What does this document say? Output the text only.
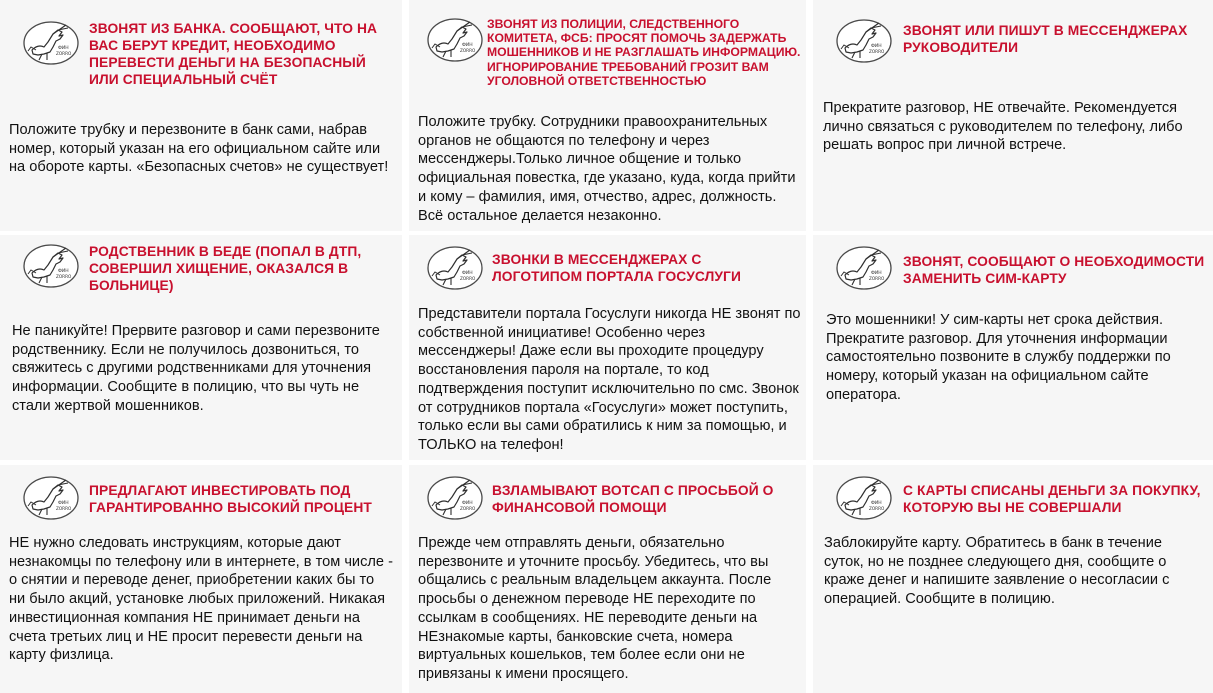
ФИН
ZORRO

ЗВОНЯТ ИЗ БАНКА. СООБЩАЮТ, ЧТО НА ВАС БЕРУТ КРЕДИТ, НЕОБХОДИМО ПЕРЕВЕСТИ ДЕНЬГИ НА БЕЗОПАСНЫЙ ИЛИ СПЕЦИАЛЬНЫЙ СЧЁТ

Положите трубку и перезвоните в банк сами, набрав номер, который указан на его официальном сайте или на обороте карты. «Безопасных счетов» не существует!

ФИН
ZORRO

ЗВОНЯТ ИЗ ПОЛИЦИИ, СЛЕДСТВЕННОГО КОМИТЕТА, ФСБ: ПРОСЯТ ПОМОЧЬ ЗАДЕРЖАТЬ МОШЕННИКОВ И НЕ РАЗГЛАШАТЬ ИНФОРМАЦИЮ. ИГНОРИРОВАНИЕ ТРЕБОВАНИЙ ГРОЗИТ ВАМ УГОЛОВНОЙ ОТВЕТСТВЕННОСТЬЮ

Положите трубку. Сотрудники правоохранительных органов не общаются по телефону и через мессенджеры.Только личное общение и только официальная повестка, где указано, куда, когда прийти и кому – фамилия, имя, отчество, адрес, должность. Всё остальное делается незаконно.

ФИН
ZORRO

ЗВОНЯТ ИЛИ ПИШУТ В МЕССЕНДЖЕРАХ РУКОВОДИТЕЛИ

Прекратите разговор, НЕ отвечайте. Рекомендуется лично связаться с руководителем по телефону, либо решать вопрос при личной встрече.

ФИН
ZORRO

РОДСТВЕННИК В БЕДЕ (ПОПАЛ В ДТП, СОВЕРШИЛ ХИЩЕНИЕ, ОКАЗАЛСЯ В БОЛЬНИЦЕ)

Не паникуйте! Прервите разговор и сами перезвоните родственнику. Если не получилось дозвониться, то свяжитесь с другими родственниками для уточнения информации. Сообщите в полицию, что вы чуть не стали жертвой мошенников.

ФИН
ZORRO

ЗВОНКИ В МЕССЕНДЖЕРАХ С ЛОГОТИПОМ ПОРТАЛА ГОСУСЛУГИ

Представители портала Госуслуги никогда НЕ звонят по собственной инициативе! Особенно через мессенджеры! Даже если вы проходите процедуру восстановления пароля на портале, то код подтверждения поступит исключительно по смс. Звонок от сотрудников портала «Госуслуги» может поступить, только если вы сами обратились к ним за помощью, и ТОЛЬКО на телефон!

ФИН
ZORRO

ЗВОНЯТ, СООБЩАЮТ О НЕОБХОДИМОСТИ ЗАМЕНИТЬ СИМ-КАРТУ

Это мошенники! У сим-карты нет срока действия. Прекратите разговор. Для уточнения информации самостоятельно позвоните в службу поддержки по номеру, который указан на официальном сайте оператора.

ФИН
ZORRO

ПРЕДЛАГАЮТ ИНВЕСТИРОВАТЬ ПОД ГАРАНТИРОВАННО ВЫСОКИЙ ПРОЦЕНТ

НЕ нужно следовать инструкциям, которые дают незнакомцы по телефону или в интернете, в том числе - о снятии и переводе денег, приобретении каких бы то ни было акций, установке любых приложений. Никакая инвестиционная компания НЕ принимает деньги на счета третьих лиц и НЕ просит перевести деньги на карту физлица.

ФИН
ZORRO

ВЗЛАМЫВАЮТ ВОТСАП С ПРОСЬБОЙ О ФИНАНСОВОЙ ПОМОЩИ

Прежде чем отправлять деньги, обязательно перезвоните и уточните просьбу. Убедитесь, что вы общались с реальным владельцем аккаунта. После просьбы о денежном переводе НЕ переходите по ссылкам в сообщениях. НЕ переводите деньги на НЕзнакомые карты, банковские счета, номера виртуальных кошельков, тем более если они не привязаны к имени просящего.

ФИН
ZORRO

С КАРТЫ СПИСАНЫ ДЕНЬГИ ЗА ПОКУПКУ, КОТОРУЮ ВЫ НЕ СОВЕРШАЛИ

Заблокируйте карту. Обратитесь в банк в течение суток, но не позднее следующего дня, сообщите о краже денег и напишите заявление о несогласии с операцией. Сообщите в полицию.
